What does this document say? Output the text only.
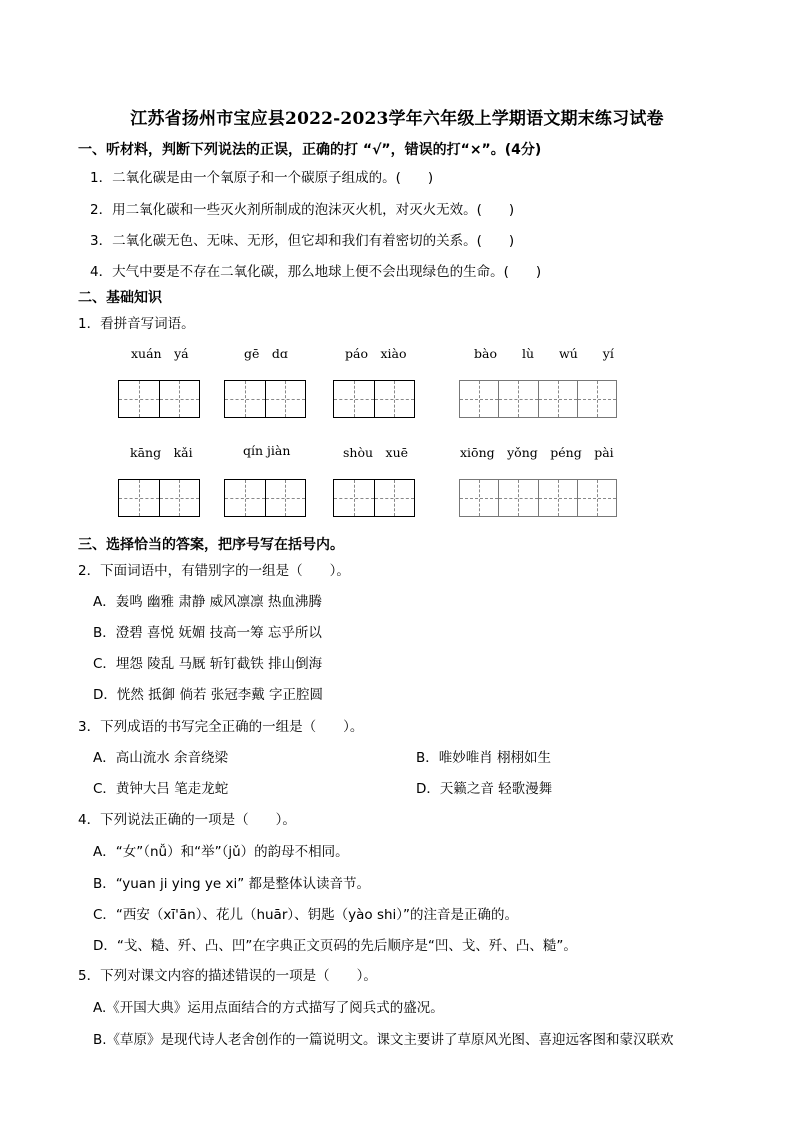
江苏省扬州市宝应县2022-2023学年六年级上学期语文期末练习试卷
一、听材料，判断下列说法的正误，正确的打 “√”，错误的打“×”。(4分)
1．二氧化碳是由一个氧原子和一个碳原子组成的。(　　)
2．用二氧化碳和一些灭火剂所制成的泡沫灭火机，对灭火无效。(　　)
3．二氧化碳无色、无味、无形，但它却和我们有着密切的关系。(　　)
4．大气中要是不存在二氧化碳，那么地球上便不会出现绿色的生命。(　　)
二、基础知识
1．看拼音写词语。
xuán　yá	gē　dɑ	páo　xiào	bào　　lù　　wú　　yí
kāng　kǎi	qín jiàn	shòu　xuē	xiōng　yǒng　péng　pài
三、选择恰当的答案，把序号写在括号内。
2．下面词语中，有错别字的一组是（　　）。
A．轰鸣 幽雅 肃静 威风凛凛 热血沸腾
B．澄碧 喜悦 妩媚 技高一筹 忘乎所以
C．埋怨 陵乱 马厩 斩钉截铁 排山倒海
D．恍然 抵御 倘若 张冠李戴 字正腔圆
3．下列成语的书写完全正确的一组是（　　）。
A．高山流水 余音绕梁	B．唯妙唯肖 栩栩如生
C．黄钟大吕 笔走龙蛇	D．天籁之音 轻歌漫舞
4．下列说法正确的一项是（　　）。
A．“女”（nǚ）和“举”（jǔ）的韵母不相同。
B．“yuan ji ying ye xi” 都是整体认读音节。
C．“西安（xī'ān）、花儿（huār）、钥匙（yào shi）”的注音是正确的。
D．“戈、糙、歼、凸、凹”在字典正文页码的先后顺序是“凹、戈、歼、凸、糙”。
5．下列对课文内容的描述错误的一项是（　　）。
A.《开国大典》运用点面结合的方式描写了阅兵式的盛况。
B.《草原》是现代诗人老舍创作的一篇说明文。课文主要讲了草原风光图、喜迎远客图和蒙汉联欢
